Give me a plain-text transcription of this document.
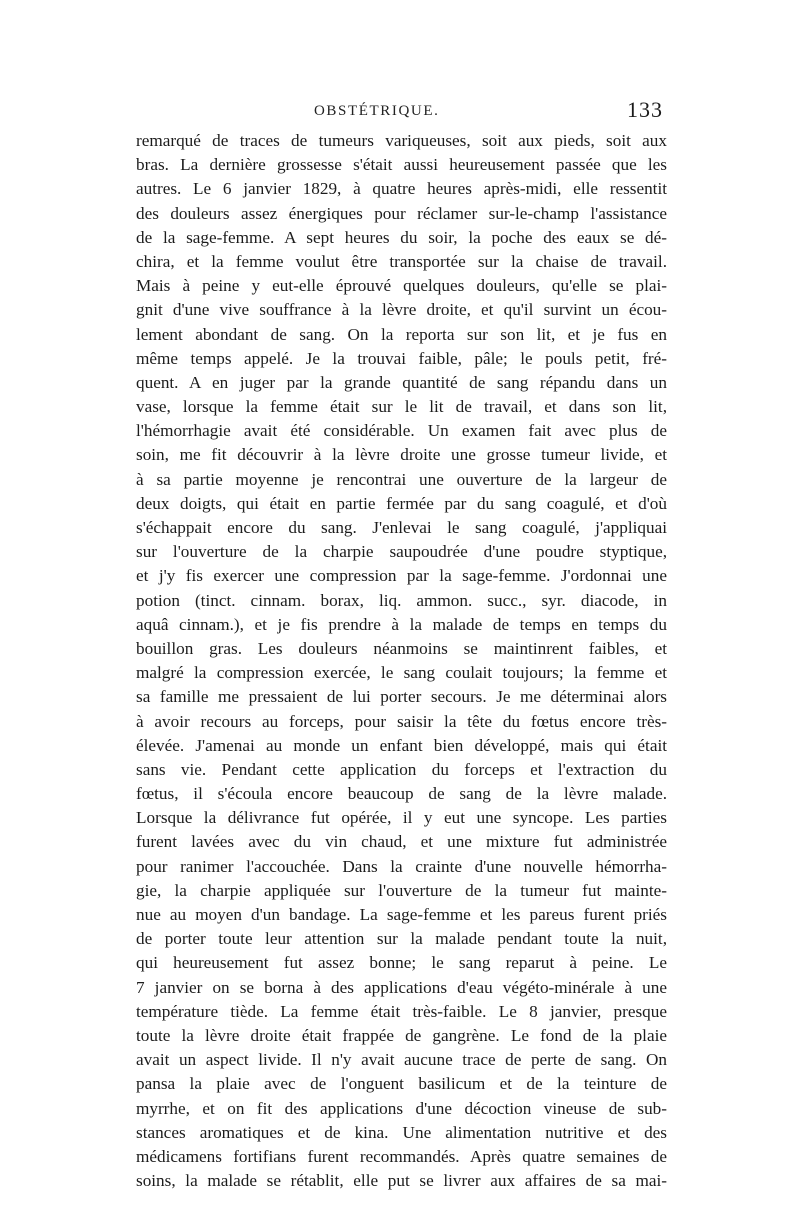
OBSTÉTRIQUE.	133
remarqué de traces de tumeurs variqueuses, soit aux pieds, soit aux
bras. La dernière grossesse s'était aussi heureusement passée que les
autres. Le 6 janvier 1829, à quatre heures après-midi, elle ressentit
des douleurs assez énergiques pour réclamer sur-le-champ l'assistance
de la sage-femme. A sept heures du soir, la poche des eaux se dé-
chira, et la femme voulut être transportée sur la chaise de travail.
Mais à peine y eut-elle éprouvé quelques douleurs, qu'elle se plai-
gnit d'une vive souffrance à la lèvre droite, et qu'il survint un écou-
lement abondant de sang. On la reporta sur son lit, et je fus en
même temps appelé. Je la trouvai faible, pâle; le pouls petit, fré-
quent. A en juger par la grande quantité de sang répandu dans un
vase, lorsque la femme était sur le lit de travail, et dans son lit,
l'hémorrhagie avait été considérable. Un examen fait avec plus de
soin, me fit découvrir à la lèvre droite une grosse tumeur livide, et
à sa partie moyenne je rencontrai une ouverture de la largeur de
deux doigts, qui était en partie fermée par du sang coagulé, et d'où
s'échappait encore du sang. J'enlevai le sang coagulé, j'appliquai
sur l'ouverture de la charpie saupoudrée d'une poudre styptique,
et j'y fis exercer une compression par la sage-femme. J'ordonnai une
potion (tinct. cinnam. borax, liq. ammon. succ., syr. diacode, in
aquâ cinnam.), et je fis prendre à la malade de temps en temps du
bouillon gras. Les douleurs néanmoins se maintinrent faibles, et
malgré la compression exercée, le sang coulait toujours; la femme et
sa famille me pressaient de lui porter secours. Je me déterminai alors
à avoir recours au forceps, pour saisir la tête du fœtus encore très-
élevée. J'amenai au monde un enfant bien développé, mais qui était
sans vie. Pendant cette application du forceps et l'extraction du
fœtus, il s'écoula encore beaucoup de sang de la lèvre malade.
Lorsque la délivrance fut opérée, il y eut une syncope. Les parties
furent lavées avec du vin chaud, et une mixture fut administrée
pour ranimer l'accouchée. Dans la crainte d'une nouvelle hémorrha-
gie, la charpie appliquée sur l'ouverture de la tumeur fut mainte-
nue au moyen d'un bandage. La sage-femme et les pareus furent priés
de porter toute leur attention sur la malade pendant toute la nuit,
qui heureusement fut assez bonne; le sang reparut à peine. Le
7 janvier on se borna à des applications d'eau végéto-minérale à une
température tiède. La femme était très-faible. Le 8 janvier, presque
toute la lèvre droite était frappée de gangrène. Le fond de la plaie
avait un aspect livide. Il n'y avait aucune trace de perte de sang. On
pansa la plaie avec de l'onguent basilicum et de la teinture de
myrrhe, et on fit des applications d'une décoction vineuse de sub-
stances aromatiques et de kina. Une alimentation nutritive et des
médicamens fortifians furent recommandés. Après quatre semaines de
soins, la malade se rétablit, elle put se livrer aux affaires de sa mai-
